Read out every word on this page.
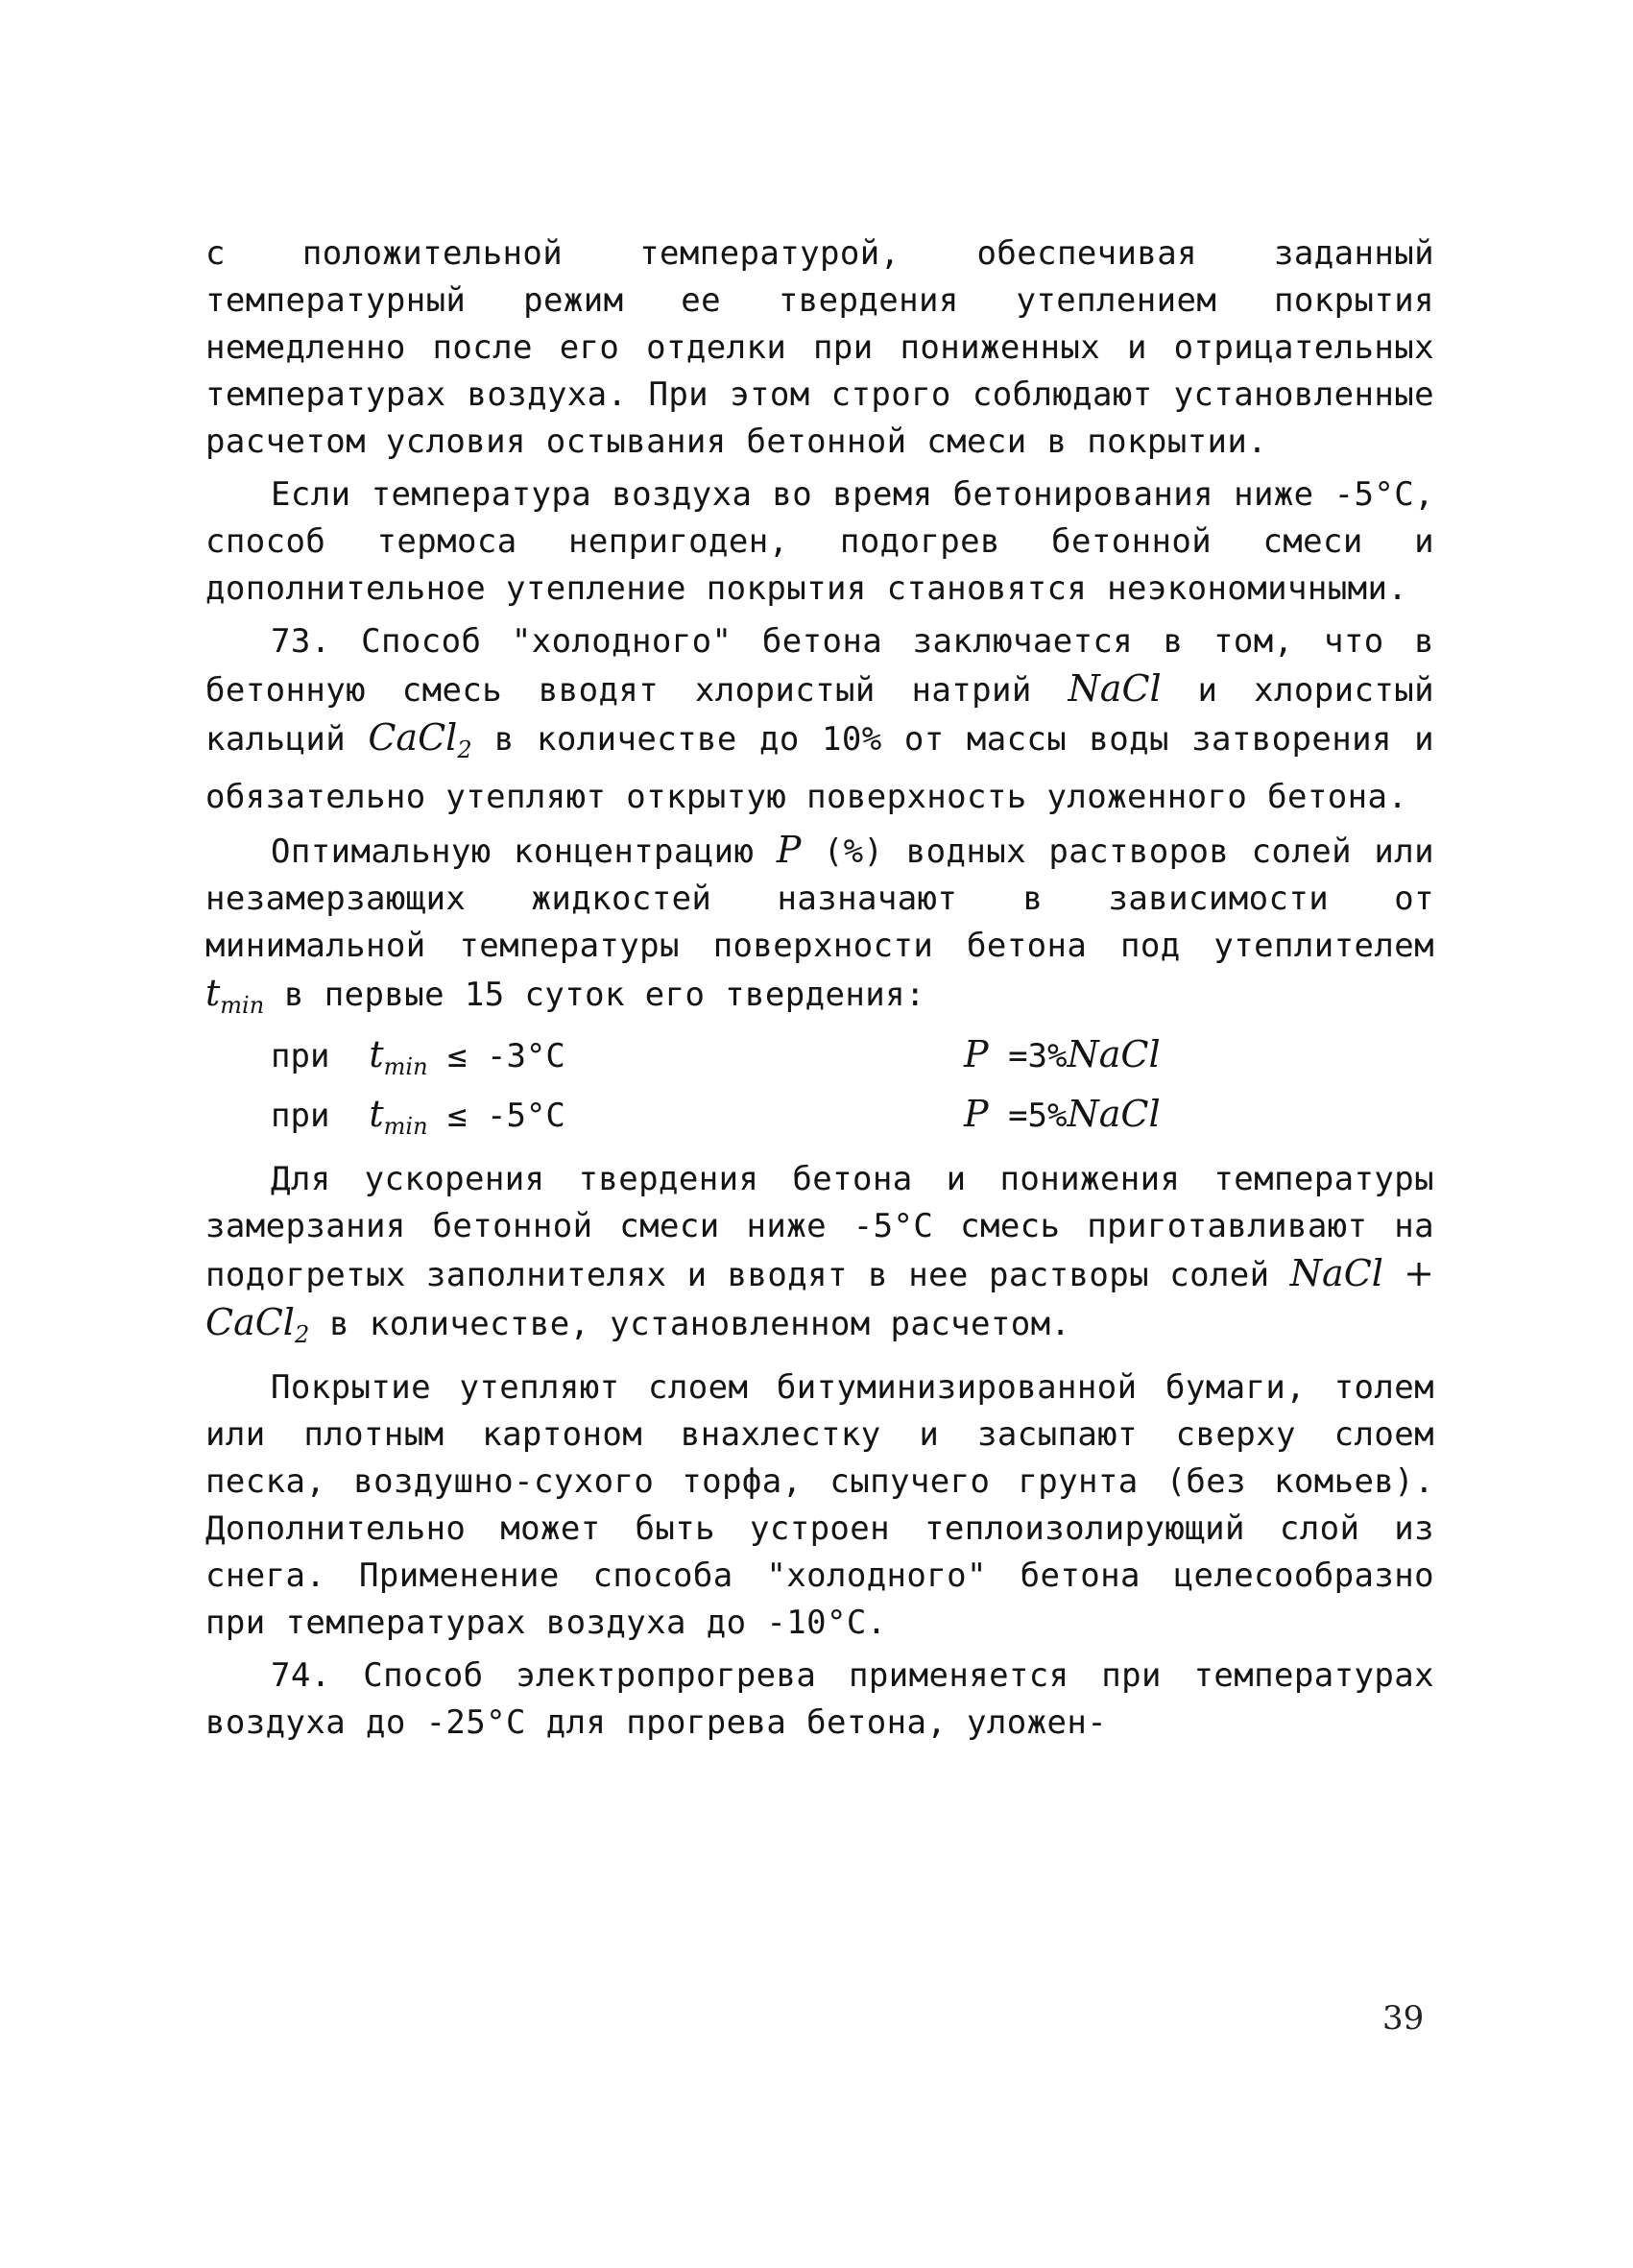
с положительной температурой, обеспечивая заданный температурный режим ее твердения утеплением покрытия немедленно после его отделки при пониженных и отрицательных температурах воздуха. При этом строго соблюдают установленные расчетом условия остывания бетонной смеси в покрытии.

Если температура воздуха во время бетонирования ниже -5°С, способ термоса непригоден, подогрев бетонной смеси и дополнительное утепление покрытия становятся неэкономичными.

73. Способ "холодного" бетона заключается в том, что в бетонную смесь вводят хлористый натрий NaCl и хлористый кальций CaCl$_2$ в количестве до 10% от массы воды затворения и обязательно утепляют открытую поверхность уложенного бетона.

Оптимальную концентрацию P (%) водных растворов солей или незамерзающих жидкостей назначают в зависимости от минимальной температуры поверхности бетона под утеплителем $t_{min}$ в первые 15 суток его твердения:

при $t_{min} \le -3^\circ С$	P =3%NaCl
при $t_{min} \le -5^\circ С$	P =5%NaCl

Для ускорения твердения бетона и понижения температуры замерзания бетонной смеси ниже -5°С смесь приготавливают на подогретых заполнителях и вводят в нее растворы солей NaCl + CaCl$_2$ в количестве, установленном расчетом.

Покрытие утепляют слоем битуминизированной бумаги, толем или плотным картоном внахлестку и засыпают сверху слоем песка, воздушно-сухого торфа, сыпучего грунта (без комьев). Дополнительно может быть устроен теплоизолирующий слой из снега. Применение способа "холодного" бетона целесообразно при температурах воздуха до -10°С.

74. Способ электропрогрева применяется при температурах воздуха до -25°С для прогрева бетона, уложен-

39
